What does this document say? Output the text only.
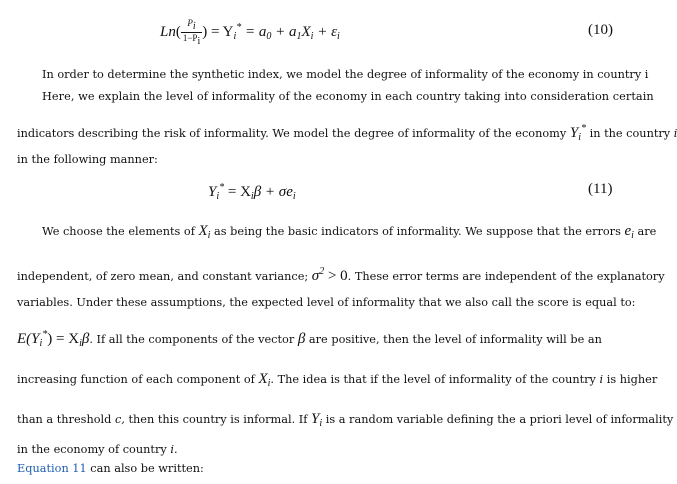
$Ln( \frac{Pi}{1-Pi}$ ) = $Y_i^* = a_0 + a_1X_i + \varepsilon_i$	(10)
In order to determine the synthetic index, we model the degree of informality of the economy in country i
Here, we explain the level of informality of the economy in each country taking into consideration certain
indicators describing the risk of informality. We model the degree of informality of the economy $Y_i^*$ in the country
in the following manner:
$Y_i^* = X_i\beta + \sigma e_i$	(11)
We choose the elements of $X_i$ as being the basic indicators of informality. We suppose that the errors $e_i$ are
independent, of zero mean, and constant variance; $\sigma^2 > 0$. These error terms are independent of the explanatory
variables. Under these assumptions, the expected level of informality that we also call the score is equal to:
$E(Y_i^*) = X_i\beta$. If all the components of the vector β are positive, then the level of informality will be an
increasing function of each component of $X_i$. The idea is that if the level of informality of the country i is higher
than a threshold c, then this country is informal. If $Y_i$ is a random variable defining the a priori level of informality
in the economy of country i.
Equation 11 can also be written:
